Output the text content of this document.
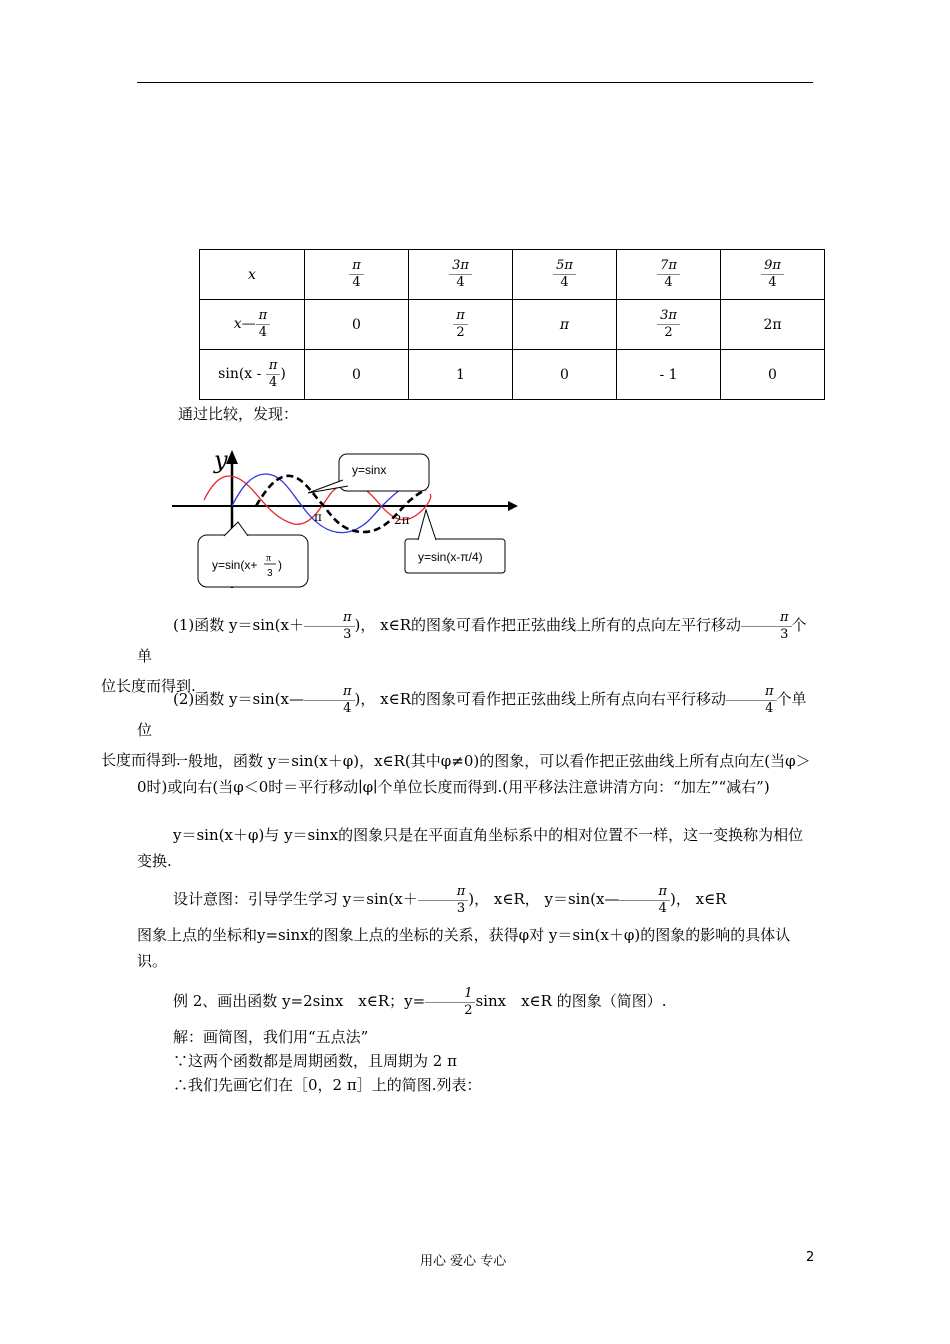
x	$\frac{\pi}{4}$	$\frac{3\pi}{4}$	$\frac{5\pi}{4}$	$\frac{7\pi}{4}$	$\frac{9\pi}{4}$

x— $\frac{\pi}{4}$	0	$\frac{\pi}{2}$	π	$\frac{3\pi}{2}$	2π
$\sin(x - \frac{\pi}{4}$ )	0	1	0	- 1	0
通过比较，发现：
y
π	2π
y=sinx
y=sin(x+ π
3
)
y=sin(x-π/4)
(1)函数 $y=\sin(x+ \frac{\pi}{3}$ )， x∈R的图象可看作把正弦曲线上所有的点向左平行移动 $\frac{\pi}{3}$ 个单
位长度而得到.
(2)函数 y＝sin(x— $\frac{\pi}{4}$ )， x∈R的图象可看作把正弦曲线上所有点向右平行移动 $\frac{\pi}{4}$ 个单位
长度而得到.
一般地，函数 y＝sin(x＋φ)，x∈R(其中φ≠0)的图象，可以看作把正弦曲线上所有点向左(当φ＞0时)或向右(当φ＜0时＝平行移动∣φ∣个单位长度而得到.(用平移法注意讲清方向：“加左”“减右”)
y＝sin(x＋φ)与 y＝sinx的图象只是在平面直角坐标系中的相对位置不一样，这一变换称为相位变换.
设计意图：引导学生学习 $y=\sin(x+ \frac{\pi}{3}$ )， x∈R， y＝sin(x— $\frac{\pi}{4}$ )， x∈R
图象上点的坐标和y=sinx的图象上点的坐标的关系，获得φ对 y＝sin(x＋φ)的图象的影响的具体认识。
例 2、画出函数 y=2sinx　x∈R；$y= \frac{1}{2}$ sinx　x∈R 的图象（简图）.
解：画简图，我们用“五点法”
∵这两个函数都是周期函数，且周期为 2 π
∴我们先画它们在［0，2 π］上的简图.列表：
用心 爱心 专心	2
